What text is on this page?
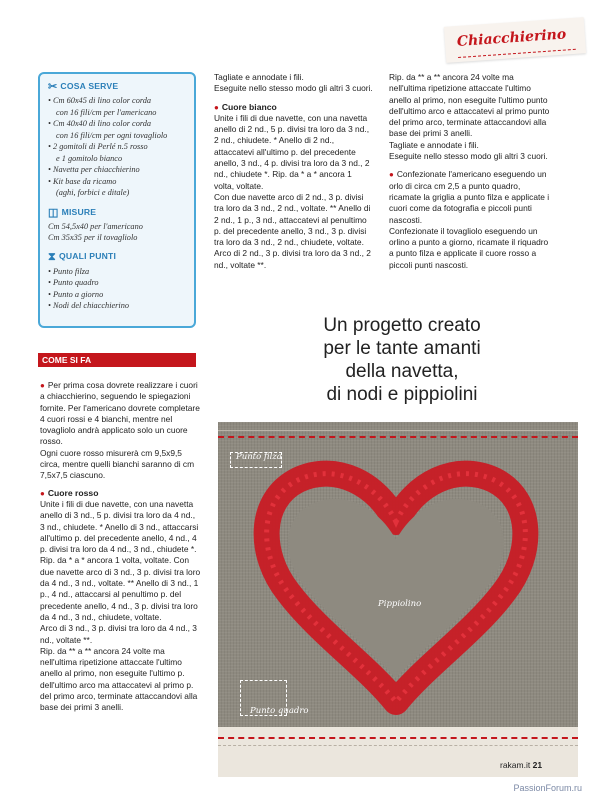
Chiacchierino
✂ COSA SERVE
• Cm 60x45 di lino color corda
con 16 fili/cm per l'americano
• Cm 40x40 di lino color corda
con 16 fili/cm per ogni tovagliolo
• 2 gomitoli di Perlé n.5 rosso
e 1 gomitolo bianco
• Navetta per chiacchierino
• Kit base da ricamo
(aghi, forbici e ditale)
◫ MISURE
Cm 54,5x40 per l'americano
Cm 35x35 per il tovagliolo
⧗ QUALI PUNTI
• Punto filza
• Punto quadro
• Punto a giorno
• Nodi del chiacchierino
COME SI FA

● Per prima cosa dovrete realizzare i cuori a chiacchierino, seguendo le spiegazioni fornite. Per l'americano dovrete completare 4 cuori rossi e 4 bianchi, mentre nel tovagliolo andrà applicato solo un cuore rosso.

Ogni cuore rosso misurerà cm 9,5x9,5 circa, mentre quelli bianchi saranno di cm 7,5x7,5 ciascuno.

● Cuore rosso

Unite i fili di due navette, con una navetta anello di 3 nd., 5 p. divisi tra loro da 4 nd., 3 nd., chiudete. * Anello di 3 nd., attaccarsi all'ultimo p. del precedente anello, 4 nd., 4 p. divisi tra loro da 4 nd., 3 nd., chiudete *. Rip. da * a * ancora 1 volta, voltate. Con due navette arco di 3 nd., 3 p. divisi tra loro da 4 nd., 3 nd., voltate. ** Anello di 3 nd., 1 p., 4 nd., attaccarsi al penultimo p. del precedente anello, 4 nd., 3 p. divisi tra loro da 4 nd., 3 nd., chiudete, voltate.

Arco di 3 nd., 3 p. divisi tra loro da 4 nd., 3 nd., voltate **.

Rip. da ** a ** ancora 24 volte ma nell'ultima ripetizione attaccate l'ultimo anello al primo, non eseguite l'ultimo p. dell'ultimo arco ma attaccatevi al primo p. del primo arco, terminate attaccandovi alla base dei primi 3 anelli.

Tagliate e annodate i fili.

Eseguite nello stesso modo gli altri 3 cuori.

● Cuore bianco

Unite i fili di due navette, con una navetta anello di 2 nd., 5 p. divisi tra loro da 3 nd., 2 nd., chiudete. * Anello di 2 nd., attaccatevi all'ultimo p. del precedente anello, 3 nd., 4 p. divisi tra loro da 3 nd., 2 nd., chiudete *. Rip. da * a * ancora 1 volta, voltate.

Con due navette arco di 2 nd., 3 p. divisi tra loro da 3 nd., 2 nd., voltate. ** Anello di 2 nd., 1 p., 3 nd., attaccatevi al penultimo p. del precedente anello, 3 nd., 3 p. divisi tra loro da 3 nd., 2 nd., chiudete, voltate. Arco di 2 nd., 3 p. divisi tra loro da 3 nd., 2 nd., voltate **.

Rip. da ** a ** ancora 24 volte ma nell'ultima ripetizione attaccate l'ultimo anello al primo, non eseguite l'ultimo punto dell'ultimo arco e attaccatevi al primo punto del primo arco, terminate attaccandovi alla base dei primi 3 anelli.

Tagliate e annodate i fili.

Eseguite nello stesso modo gli altri 3 cuori.

● Confezionate l'americano eseguendo un orlo di circa cm 2,5 a punto quadro, ricamate la griglia a punto filza e applicate i cuori come da fotografia e piccoli punti nascosti.

Confezionate il tovagliolo eseguendo un orlino a punto a giorno, ricamate il riquadro a punto filza e applicate il cuore rosso a piccoli punti nascosti.

Un progetto creato
per le tante amanti
della navetta,
di nodi e pippiolini
Punto filza
Pippiolino
Punto quadro
rakam.it 21
PassionForum.ru
